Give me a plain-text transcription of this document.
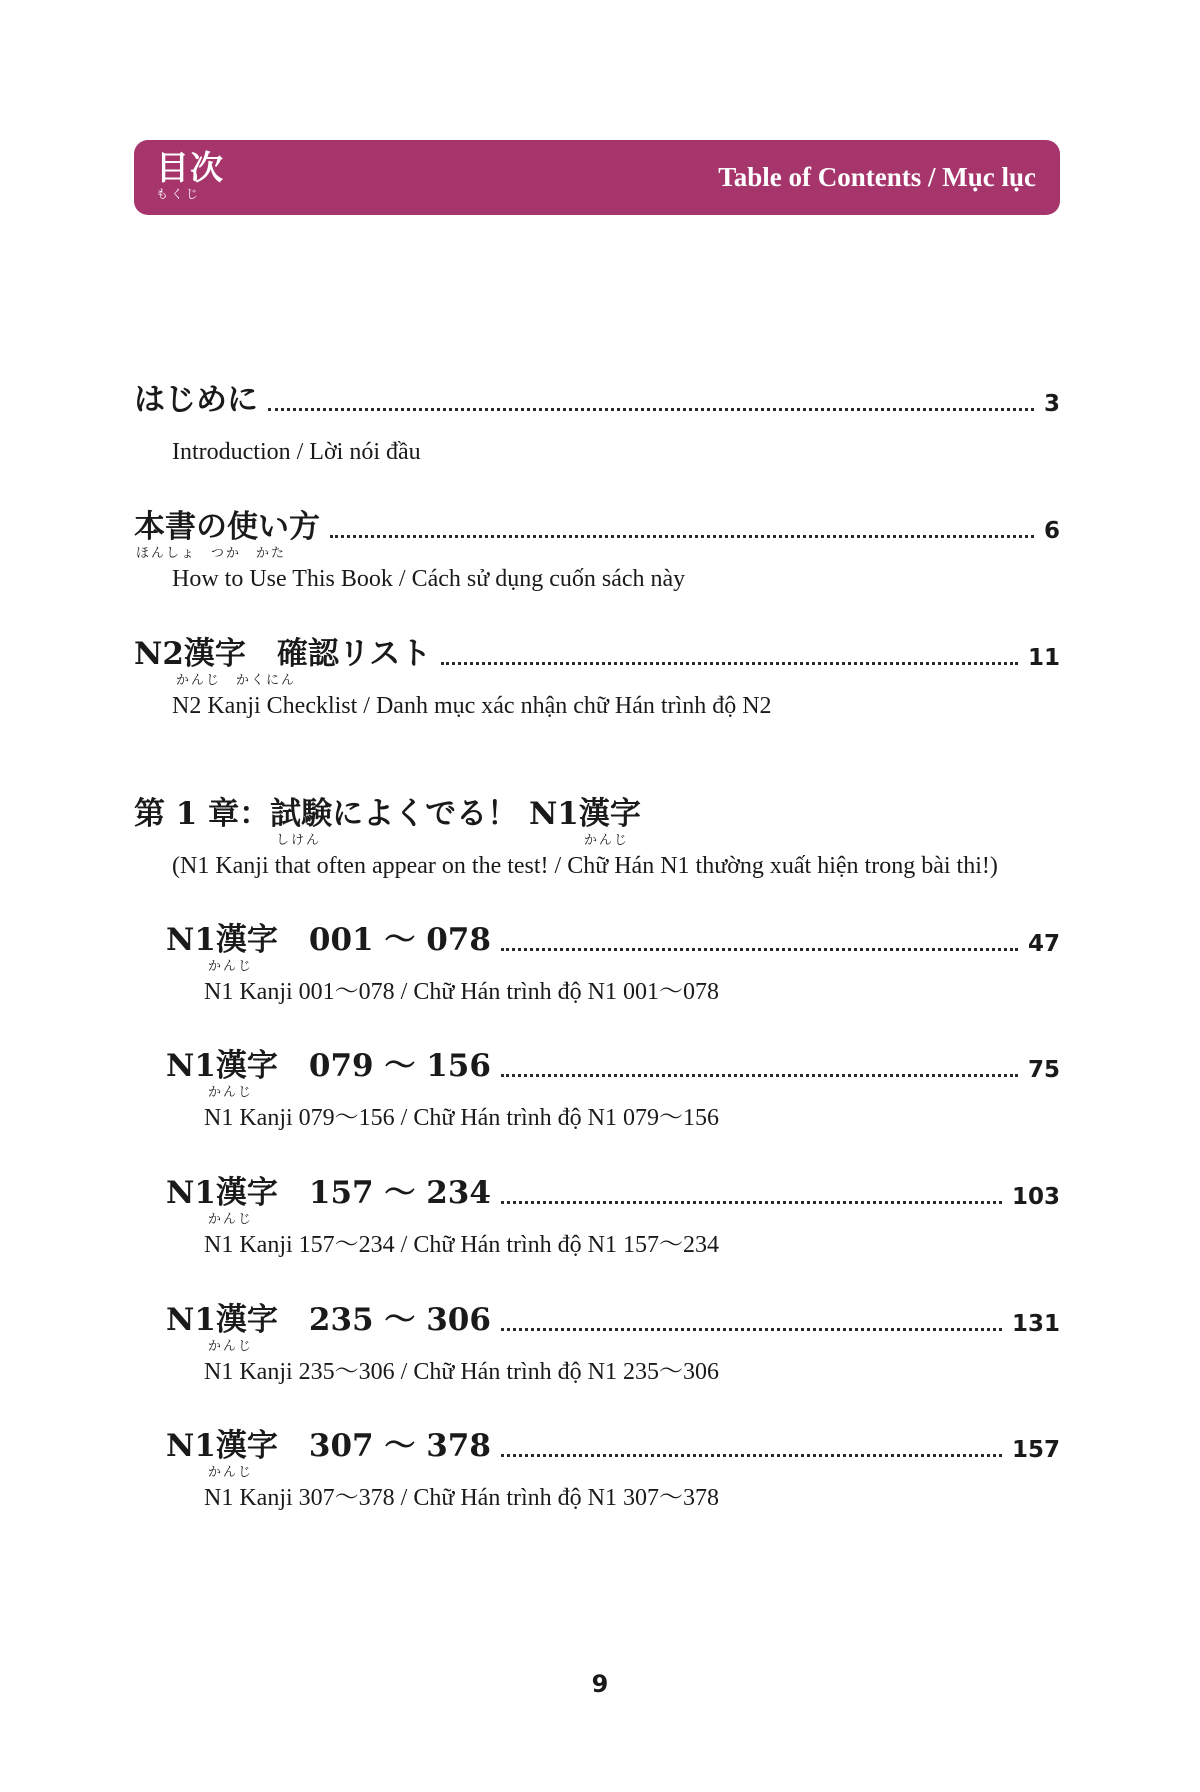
目次
もくじ
Table of Contents / Mục lục
はじめに	3
Introduction / Lời nói đầu
本書の使い方	6
ほんしょ　つか　かた
How to Use This Book / Cách sử dụng cuốn sách này
N2漢字　確認リスト	11
かんじ　かくにん
N2 Kanji Checklist / Danh mục xác nhận chữ Hán trình độ N2
第 1 章：試験によくでる！ N1漢字
しけん	かんじ
(N1 Kanji that often appear on the test! / Chữ Hán N1 thường xuất hiện trong bài thi!)
N1漢字　001 ～ 078	47
かんじ
N1 Kanji 001～078 / Chữ Hán trình độ N1 001～078
N1漢字　079 ～ 156	75
かんじ
N1 Kanji 079～156 / Chữ Hán trình độ N1 079～156
N1漢字　157 ～ 234	103
かんじ
N1 Kanji 157～234 / Chữ Hán trình độ N1 157～234
N1漢字　235 ～ 306	131
かんじ
N1 Kanji 235～306 / Chữ Hán trình độ N1 235～306
N1漢字　307 ～ 378	157
かんじ
N1 Kanji 307～378 / Chữ Hán trình độ N1 307～378
9
